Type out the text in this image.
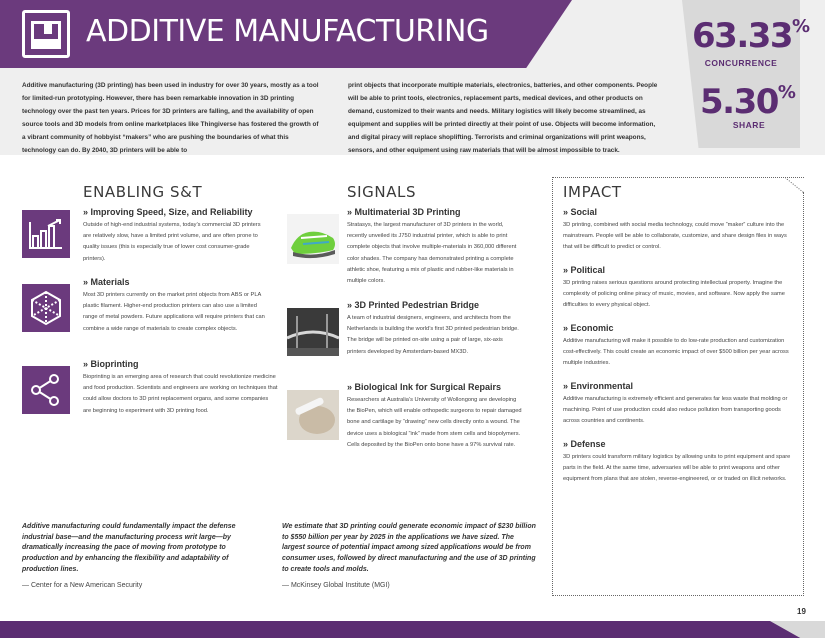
ADDITIVE MANUFACTURING

Additive manufacturing (3D printing) has been used in industry for over 30 years, mostly as a tool for limited-run prototyping. However, there has been remarkable innovation in 3D printing technology over the past ten years. Prices for 3D printers are falling, and the availability of open source tools and 3D models from online marketplaces like Thingiverse has fostered the growth of a vibrant community of hobbyist “makers” who are pushing the boundaries of what this technology can do. By 2040, 3D printers will be able to

print objects that incorporate multiple materials, electronics, batteries, and other components. People will be able to print tools, electronics, replacement parts, medical devices, and other products on demand, customized to their wants and needs. Military logistics will likely become streamlined, as equipment and supplies will be printed directly at their point of use. Objects will become information, and digital piracy will replace shoplifting. Terrorists and criminal organizations will print weapons, sensors, and other equipment using raw materials that will be almost impossible to track.

63.33%
CONCURRENCE
5.30%
SHARE
ENABLING S&T
» Improving Speed, Size, and Reliability

Outside of high-end industrial systems, today’s commercial 3D printers are relatively slow, have a limited print volume, and are often prone to quality issues (this is especially true of lower cost consumer-grade printers).

» Materials

Most 3D printers currently on the market print objects from ABS or PLA plastic filament. Higher-end production printers can also use a limited range of metal powders. Future applications will require printers that can combine a wide range of materials to create complex objects.

» Bioprinting

Bioprinting is an emerging area of research that could revolutionize medicine and food production. Scientists and engineers are working on techniques that could allow doctors to 3D print replacement organs, and some companies are beginning to experiment with 3D printing food.

SIGNALS
» Multimaterial 3D Printing

Stratasys, the largest manufacturer of 3D printers in the world, recently unveiled its J750 industrial printer, which is able to print complete objects that involve multiple-materials in 360,000 different color shades. The company has demonstrated printing a complete athletic shoe, featuring a mix of plastic and rubber-like materials in multiple colors.

» 3D Printed Pedestrian Bridge

A team of industrial designers, engineers, and architects from the Netherlands is building the world’s first 3D printed pedestrian bridge. The bridge will be printed on-site using a pair of large, six-axis printers developed by Amsterdam-based MX3D.

» Biological Ink for Surgical Repairs

Researchers at Australia’s University of Wollongong are developing the BioPen, which will enable orthopedic surgeons to repair damaged bone and cartilage by “drawing” new cells directly onto a wound. The device uses a biological “ink” made from stem cells and biopolymers. Cells deposited by the BioPen onto bone have a 97% survival rate.

IMPACT
» Social

3D printing, combined with social media technology, could move “maker” culture into the mainstream. People will be able to collaborate, customize, and share design files in ways that will be difficult to predict or control.

» Political

3D printing raises serious questions around protecting intellectual property. Imagine the complexity of policing online piracy of music, movies, and software. Now apply the same difficulties to every physical object.

» Economic

Additive manufacturing will make it possible to do low-rate production and customization cost-effectively. This could create an economic impact of over $500 billion per year across multiple industries.

» Environmental

Additive manufacturing is extremely efficient and generates far less waste that molding or machining. Point of use production could also reduce pollution from transporting goods across countries and continents.

» Defense

3D printers could transform military logistics by allowing units to print equipment and spare parts in the field. At the same time, adversaries will be able to print weapons and other equipment from plans that are stolen, reverse-engineered, or or traded on illicit networks.

Additive manufacturing could fundamentally impact the defense industrial base—and the manufacturing process writ large—by dramatically increasing the pace of moving from prototype to production and by enhancing the flexibility and adaptability of production lines.

— Center for a New American Security

We estimate that 3D printing could generate economic impact of $230 billion to $550 billion per year by 2025 in the applications we have sized. The largest source of potential impact among sized applications would be from consumer uses, followed by direct manufacturing and the use of 3D printing to create tools and molds.

— McKinsey Global Institute (MGI)

19
